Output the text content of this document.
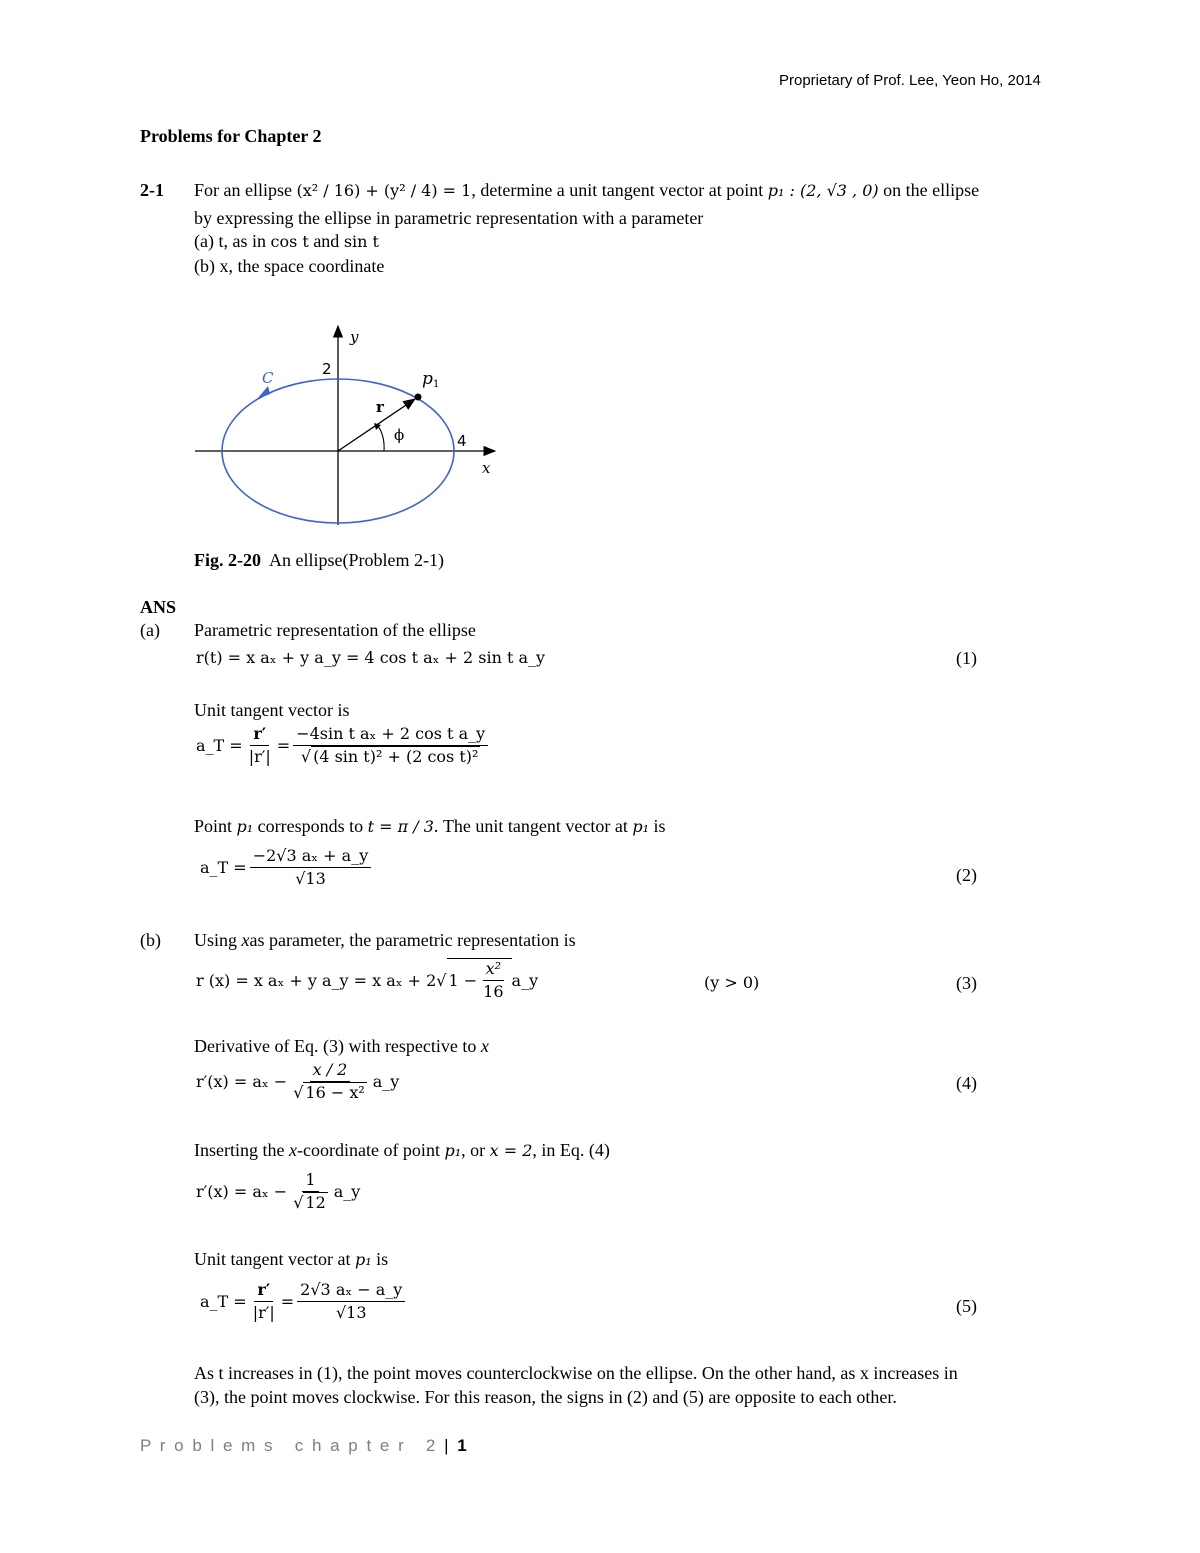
Proprietary of Prof. Lee, Yeon Ho, 2014
Problems for Chapter 2
2-1 For an ellipse (x² / 16) + (y² / 4) = 1, determine a unit tangent vector at point p₁ : (2, √3 , 0) on the ellipse
by expressing the ellipse in parametric representation with a parameter
(a) t, as in cos t and sin t
(b) x, the space coordinate
y
x
2
4
C	p 1
r
ϕ
Fig. 2-20 An ellipse(Problem 2-1)
ANS
(a) Parametric representation of the ellipse
r(t) = x aₓ + y a_y = 4 cos t aₓ + 2 sin t a_y	(1)
Unit tangent vector is
a_T = $\frac{r'}{|r'|} = \frac{\text{−4sin t aₓ + 2 cos t a\_y}}{\text{√ (4 sin t)² + (2 cos t)²}}$
Point p₁ corresponds to t = π / 3. The unit tangent vector at p₁ is
a_T = $\frac{\text{−2√3 aₓ + a\_y}}{√13}$	(2)
(b) Using xas parameter, the parametric representation is
r (x) = x aₓ + y a_y = x aₓ + 2 √ $1 - \frac{\text{x²}}{16}$ a_y	(y > 0)	(3)
Derivative of Eq. (3) with respective to x
$r'(x) = a_x - \frac{x / 2}{\text{√ 16 − x²}}$ a_y	(4)
Inserting the x-coordinate of point p₁, or x = 2, in Eq. (4)
$r'(x) = a_x - \frac{1}{√ 12}$ a_y
Unit tangent vector at p₁ is
a_T = $\frac{r'}{|r'|} = \frac{\text{2√3 aₓ − a\_y}}{√13}$	(5)
As t increases in (1), the point moves counterclockwise on the ellipse. On the other hand, as x increases in
(3), the point moves clockwise. For this reason, the signs in (2) and (5) are opposite to each other.
P r o b l e m s   c h a p t e r   2 | 1
